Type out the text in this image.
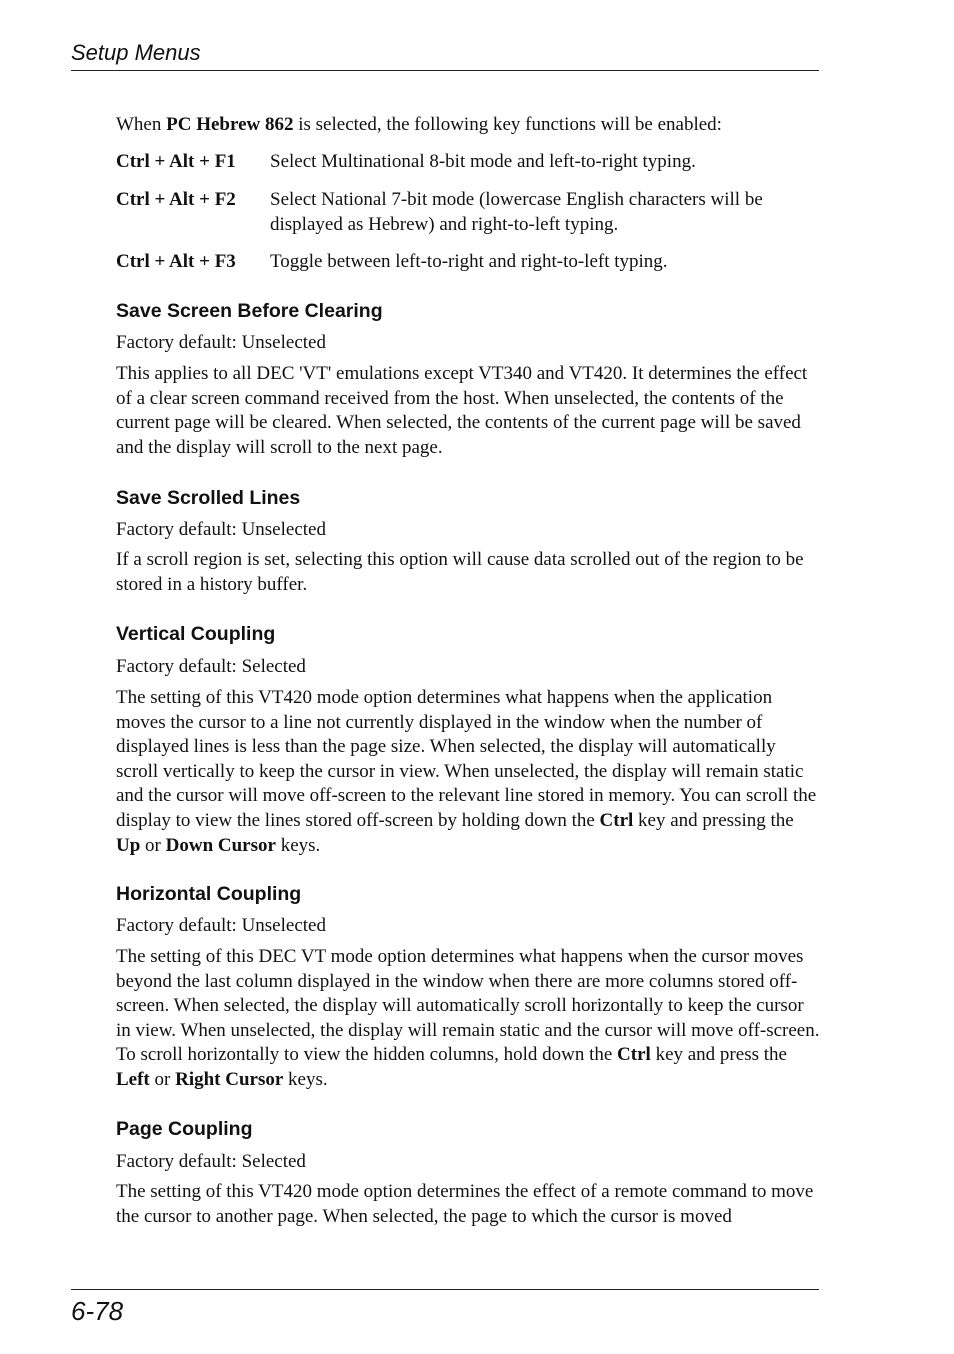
Setup Menus

When PC Hebrew 862 is selected, the following key functions will be enabled:

Ctrl + Alt + F1 Select Multinational 8-bit mode and left-to-right typing.
Ctrl + Alt + F2 Select National 7-bit mode (lowercase English characters will be displayed as Hebrew) and right-to-left typing.
Ctrl + Alt + F3 Toggle between left-to-right and right-to-left typing.
Save Screen Before Clearing

Factory default: Unselected

This applies to all DEC 'VT' emulations except VT340 and VT420. It determines the effect of a clear screen command received from the host. When unselected, the contents of the current page will be cleared. When selected, the contents of the current page will be saved and the display will scroll to the next page.

Save Scrolled Lines

Factory default: Unselected

If a scroll region is set, selecting this option will cause data scrolled out of the region to be stored in a history buffer.

Vertical Coupling

Factory default: Selected

The setting of this VT420 mode option determines what happens when the application moves the cursor to a line not currently displayed in the window when the number of displayed lines is less than the page size. When selected, the display will automatically scroll vertically to keep the cursor in view. When unselected, the display will remain static and the cursor will move off-screen to the relevant line stored in memory. You can scroll the display to view the lines stored off-screen by holding down the Ctrl key and pressing the Up or Down Cursor keys.

Horizontal Coupling

Factory default: Unselected

The setting of this DEC VT mode option determines what happens when the cursor moves beyond the last column displayed in the window when there are more columns stored off-screen. When selected, the display will automatically scroll horizontally to keep the cursor in view. When unselected, the display will remain static and the cursor will move off-screen. To scroll horizontally to view the hidden columns, hold down the Ctrl key and press the Left or Right Cursor keys.

Page Coupling

Factory default: Selected

The setting of this VT420 mode option determines the effect of a remote command to move the cursor to another page. When selected, the page to which the cursor is moved

6-78
